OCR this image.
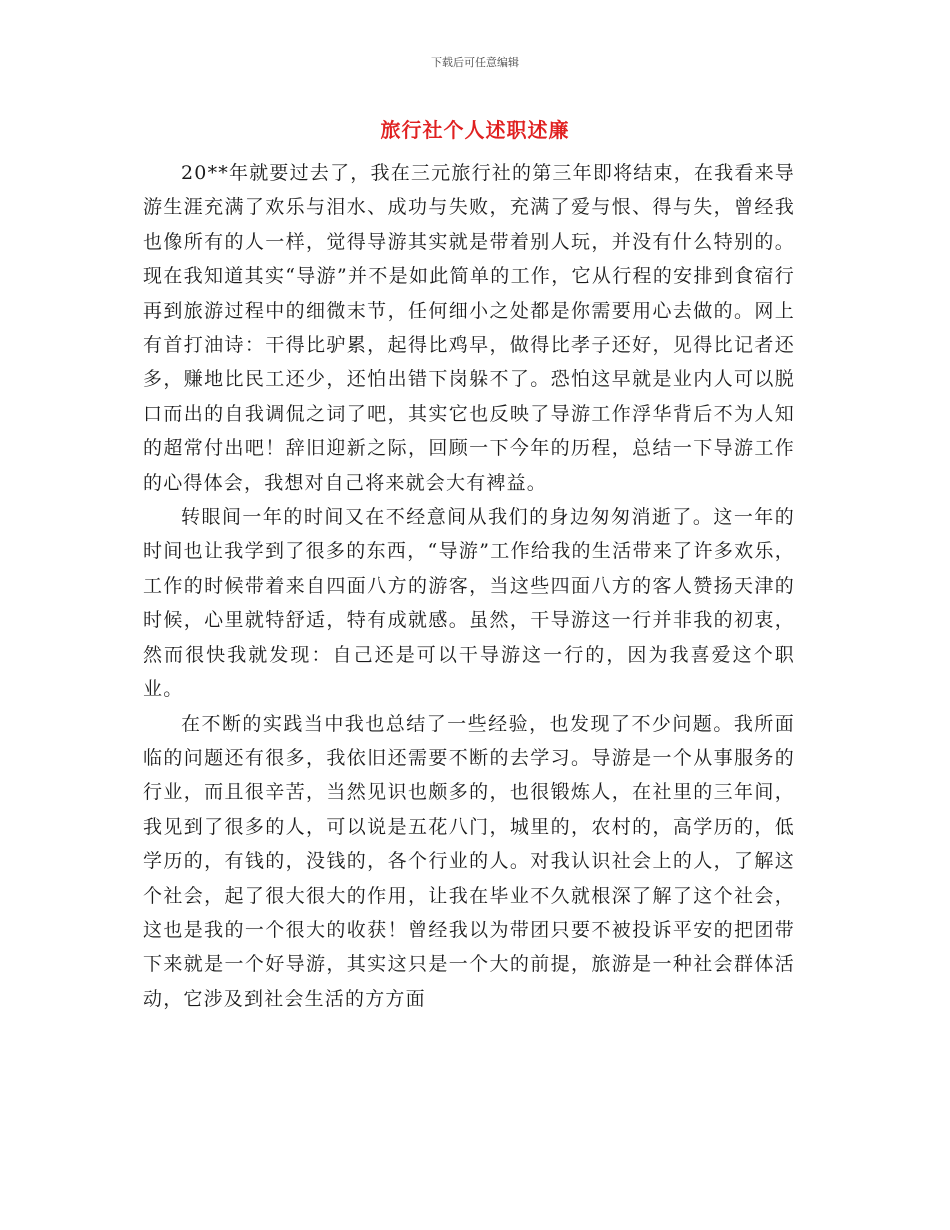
下载后可任意编辑
旅行社个人述职述廉

20**年就要过去了，我在三元旅行社的第三年即将结束，在我看来导游生涯充满了欢乐与泪水、成功与失败，充满了爱与恨、得与失，曾经我也像所有的人一样，觉得导游其实就是带着别人玩，并没有什么特别的。现在我知道其实“导游”并不是如此简单的工作，它从行程的安排到食宿行再到旅游过程中的细微末节，任何细小之处都是你需要用心去做的。网上有首打油诗：干得比驴累，起得比鸡早，做得比孝子还好，见得比记者还多，赚地比民工还少，还怕出错下岗躲不了。恐怕这早就是业内人可以脱口而出的自我调侃之词了吧，其实它也反映了导游工作浮华背后不为人知的超常付出吧！辞旧迎新之际，回顾一下今年的历程，总结一下导游工作的心得体会，我想对自己将来就会大有裨益。

转眼间一年的时间又在不经意间从我们的身边匆匆消逝了。这一年的时间也让我学到了很多的东西，“导游”工作给我的生活带来了许多欢乐，工作的时候带着来自四面八方的游客，当这些四面八方的客人赞扬天津的时候，心里就特舒适，特有成就感。虽然，干导游这一行并非我的初衷，然而很快我就发现：自己还是可以干导游这一行的，因为我喜爱这个职业。

在不断的实践当中我也总结了一些经验，也发现了不少问题。我所面临的问题还有很多，我依旧还需要不断的去学习。导游是一个从事服务的行业，而且很辛苦，当然见识也颇多的，也很锻炼人，在社里的三年间，我见到了很多的人，可以说是五花八门，城里的，农村的，高学历的，低学历的，有钱的，没钱的，各个行业的人。对我认识社会上的人，了解这个社会，起了很大很大的作用，让我在毕业不久就根深了解了这个社会，这也是我的一个很大的收获！曾经我以为带团只要不被投诉平安的把团带下来就是一个好导游，其实这只是一个大的前提，旅游是一种社会群体活动，它涉及到社会生活的方方面
